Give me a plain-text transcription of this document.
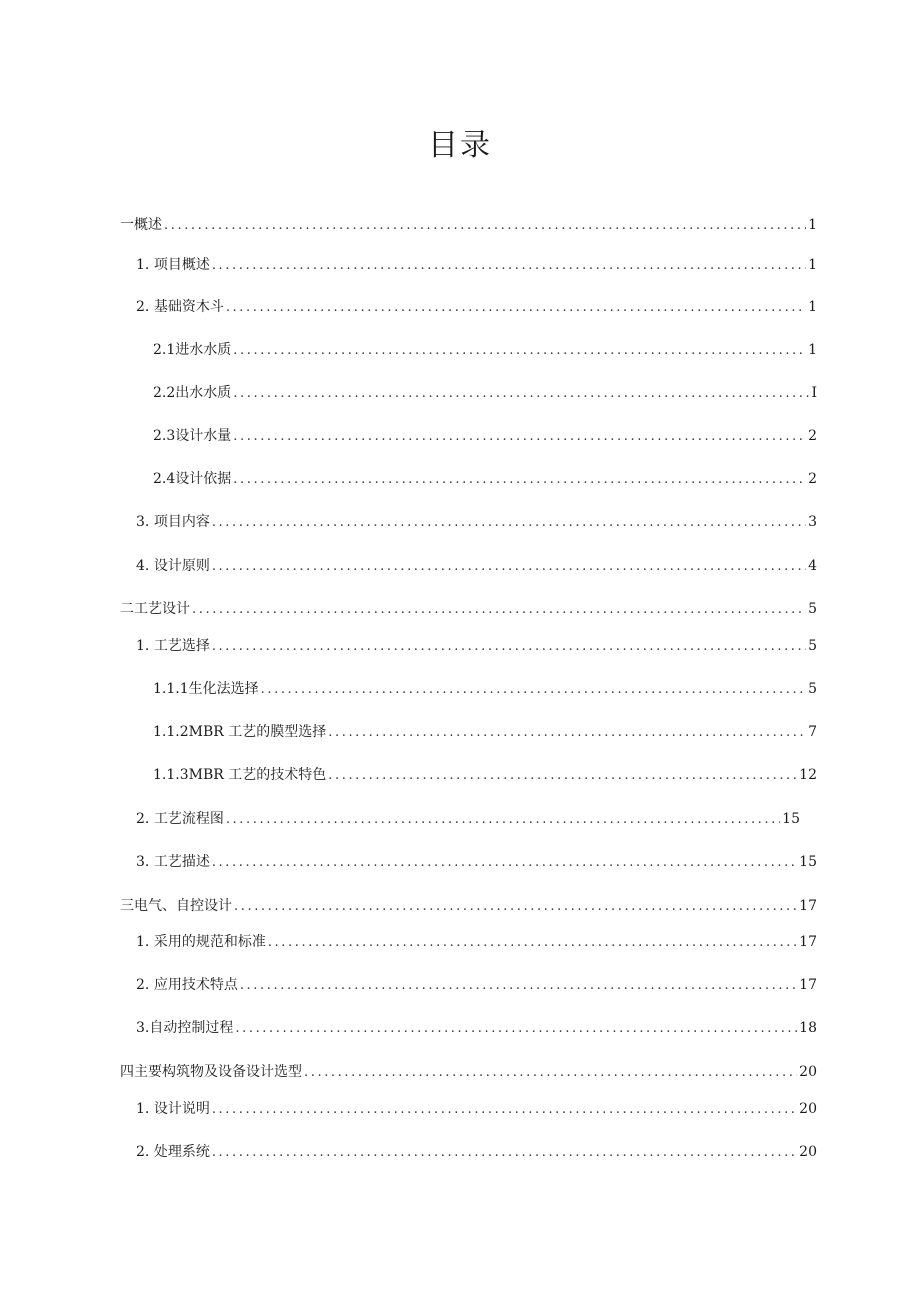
目录
一概述 .....	1
1 . 项目概述 .....	1
2 . 基础资木斗 .....	1
2.1 进水水质 .....	1
2.2 出水水质 .....	I
2.3 设计水量 .....	2
2.4 设计依据 .....	2
3 . 项目内容 .....	3
4 . 设计原则 .....	4
二工艺设计 .....	5
1 . 工艺选择 .....	5
1.1.1 生化法选择 .....	5
1.1.2 MBR 工艺的膜型选择 .....	7
1.1.3 MBR 工艺的技术特色 .....	12
2 . 工艺流程图 .....	15
3 . 工艺描述 .....	15
三电气、自控设计 .....	17
1 . 采用的规范和标准 .....	17
2 . 应用技术特点 .....	17
3 .自动控制过程 .....	18
四主要构筑物及设备设计选型 .....	20
1 . 设计说明 .....	20
2 . 处理系统 .....	20
